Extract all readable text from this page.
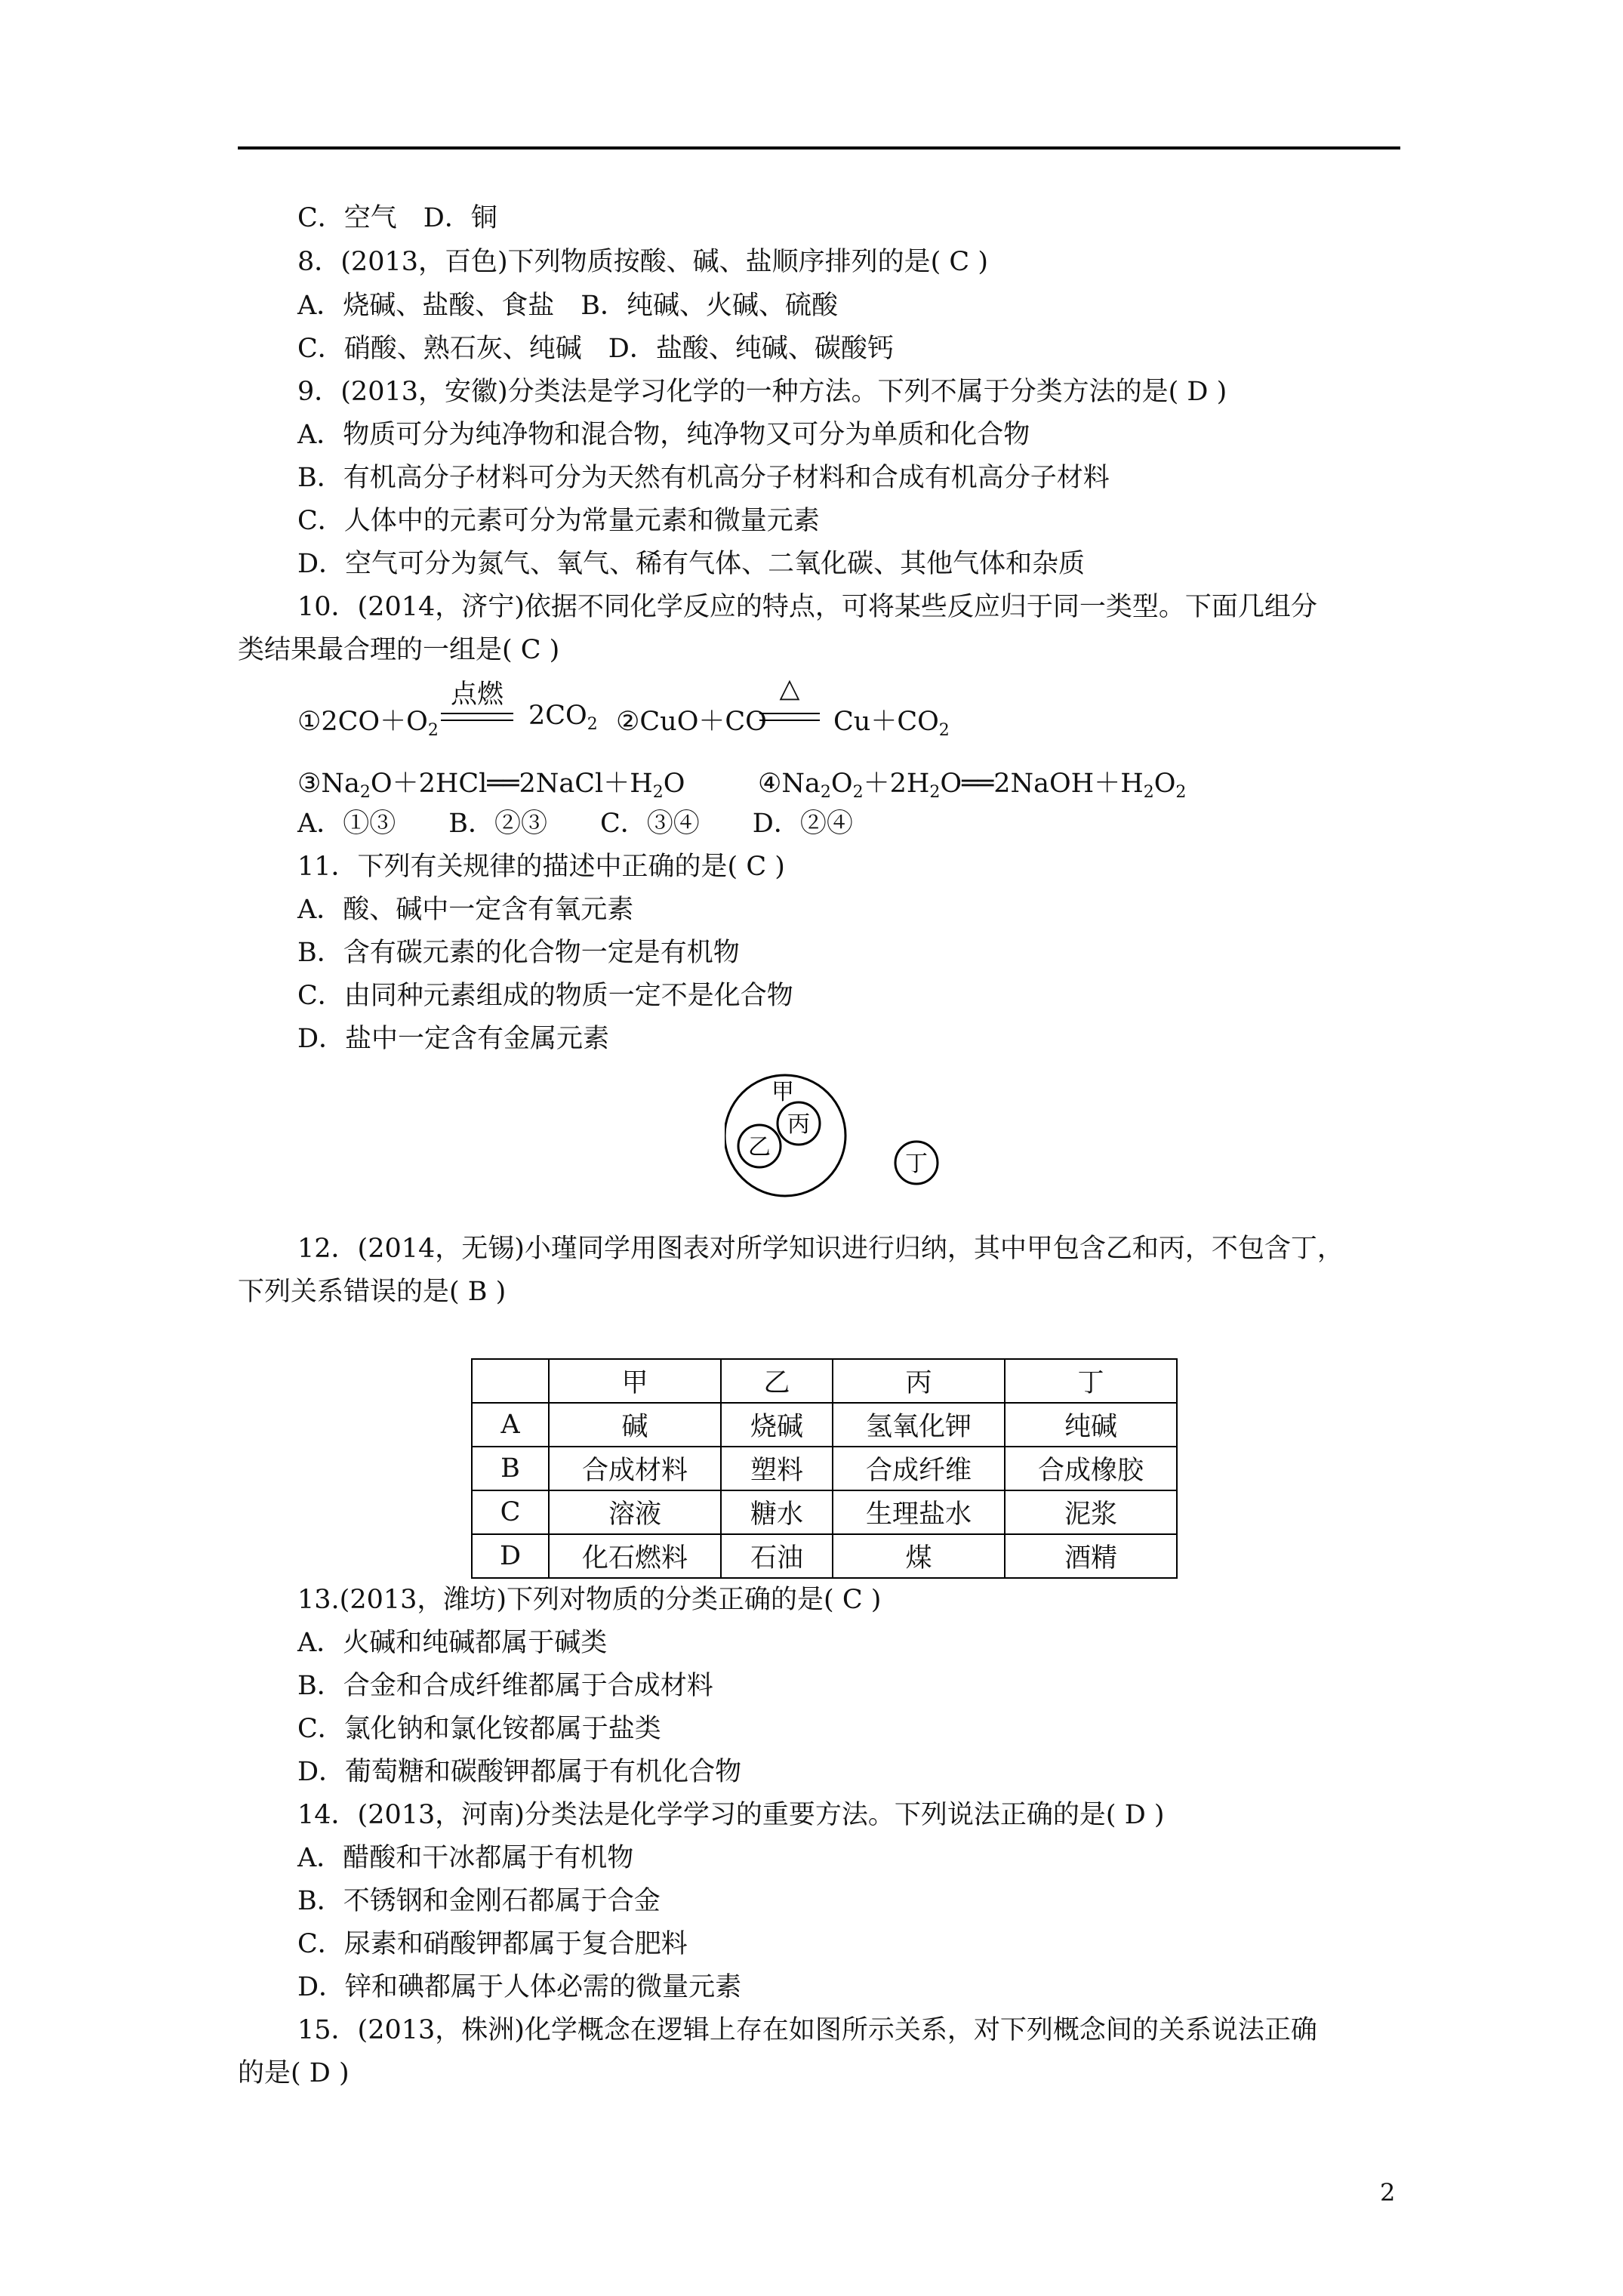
C．空气　D．铜
8．(2013，百色)下列物质按酸、碱、盐顺序排列的是( C )
A．烧碱、盐酸、食盐　B．纯碱、火碱、硫酸
C．硝酸、熟石灰、纯碱　D．盐酸、纯碱、碳酸钙
9．(2013，安徽)分类法是学习化学的一种方法。下列不属于分类方法的是( D )
A．物质可分为纯净物和混合物，纯净物又可分为单质和化合物
B．有机高分子材料可分为天然有机高分子材料和合成有机高分子材料
C．人体中的元素可分为常量元素和微量元素
D．空气可分为氮气、氧气、稀有气体、二氧化碳、其他气体和杂质
10．(2014，济宁)依据不同化学反应的特点，可将某些反应归于同一类型。下面几组分
类结果最合理的一组是( C )
$①2CO+O_2$
点燃
$2CO_2$ ②CuO＋CO
△
$Cu+CO_2$
$③Na_2O+2HCl══2NaCl+H_2O$	$④Na_2O_2+2H_2O══2NaOH+H_2O_2$
A．①③　　B．②③　　C．③④　　D．②④
11．下列有关规律的描述中正确的是( C )
A．酸、碱中一定含有氧元素
B．含有碳元素的化合物一定是有机物
C．由同种元素组成的物质一定不是化合物
D．盐中一定含有金属元素
甲
乙
丙
丁
12．(2014，无锡)小瑾同学用图表对所学知识进行归纳，其中甲包含乙和丙，不包含丁，
下列关系错误的是( B )
	甲	乙	丙	丁
A	碱	烧碱	氢氧化钾	纯碱
B	合成材料	塑料	合成纤维	合成橡胶
C	溶液	糖水	生理盐水	泥浆
D	化石燃料	石油	煤	酒精
13.(2013，潍坊)下列对物质的分类正确的是( C )
A．火碱和纯碱都属于碱类
B．合金和合成纤维都属于合成材料
C．氯化钠和氯化铵都属于盐类
D．葡萄糖和碳酸钾都属于有机化合物
14．(2013，河南)分类法是化学学习的重要方法。下列说法正确的是( D )
A．醋酸和干冰都属于有机物
B．不锈钢和金刚石都属于合金
C．尿素和硝酸钾都属于复合肥料
D．锌和碘都属于人体必需的微量元素
15．(2013，株洲)化学概念在逻辑上存在如图所示关系，对下列概念间的关系说法正确
的是( D )
2
